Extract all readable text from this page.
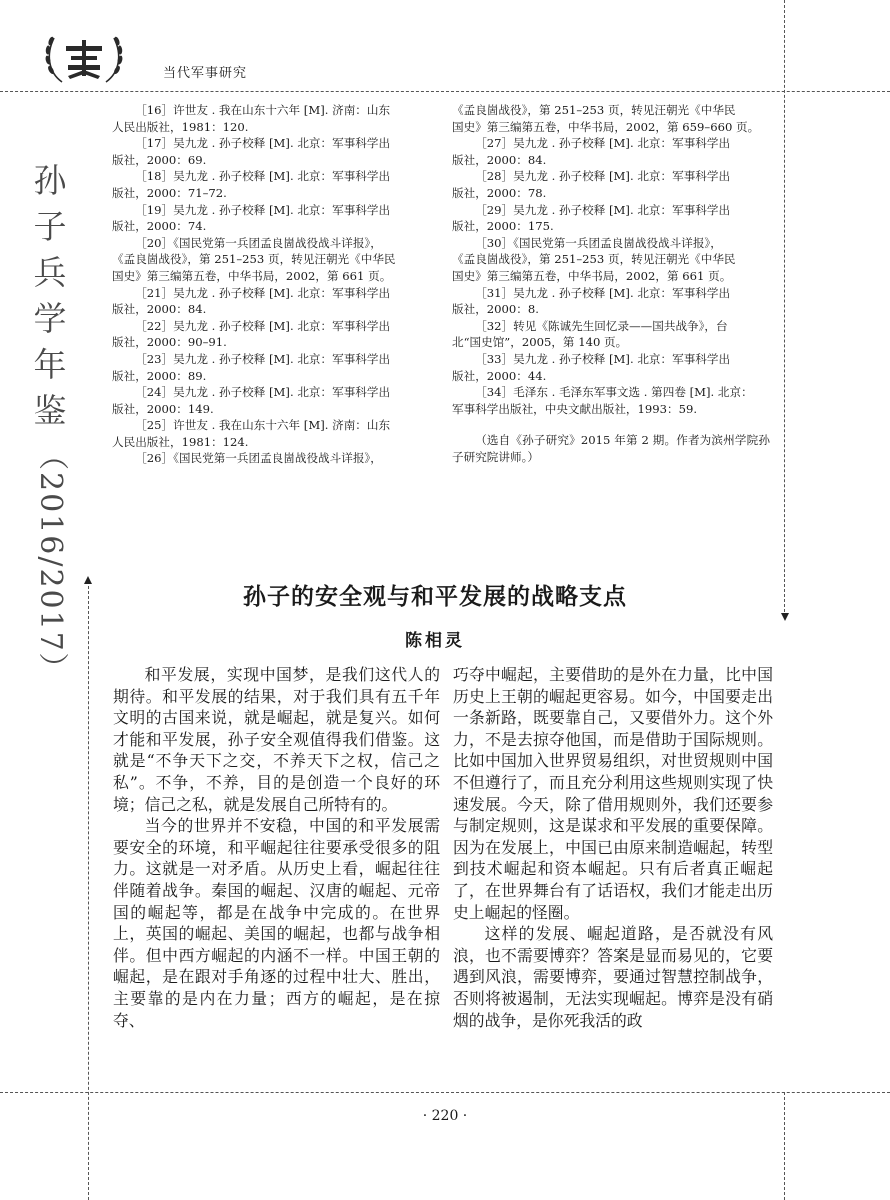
当代军事研究
孙
子
兵
学
年
鉴
（2016/2017）

［16］许世友 . 我在山东十六年 [M]. 济南：山东

人民出版社，1981：120.

［17］吴九龙 . 孙子校释 [M]. 北京：军事科学出

版社，2000：69.

［18］吴九龙 . 孙子校释 [M]. 北京：军事科学出

版社，2000：71–72.

［19］吴九龙 . 孙子校释 [M]. 北京：军事科学出

版社，2000：74.

［20］《国民党第一兵团孟良崮战役战斗详报》，

《孟良崮战役》，第 251–253 页，转见汪朝光《中华民

国史》第三编第五卷，中华书局，2002，第 661 页。

［21］吴九龙 . 孙子校释 [M]. 北京：军事科学出

版社，2000：84.

［22］吴九龙 . 孙子校释 [M]. 北京：军事科学出

版社，2000：90–91.

［23］吴九龙 . 孙子校释 [M]. 北京：军事科学出

版社，2000：89.

［24］吴九龙 . 孙子校释 [M]. 北京：军事科学出

版社，2000：149.

［25］许世友 . 我在山东十六年 [M]. 济南：山东

人民出版社，1981：124.

［26］《国民党第一兵团孟良崮战役战斗详报》，

《孟良崮战役》，第 251–253 页，转见汪朝光《中华民

国史》第三编第五卷，中华书局，2002，第 659–660 页。

［27］吴九龙 . 孙子校释 [M]. 北京：军事科学出

版社，2000：84.

［28］吴九龙 . 孙子校释 [M]. 北京：军事科学出

版社，2000：78.

［29］吴九龙 . 孙子校释 [M]. 北京：军事科学出

版社，2000：175.

［30］《国民党第一兵团孟良崮战役战斗详报》，

《孟良崮战役》，第 251–253 页，转见汪朝光《中华民

国史》第三编第五卷，中华书局，2002，第 661 页。

［31］吴九龙 . 孙子校释 [M]. 北京：军事科学出

版社，2000：8.

［32］转见《陈诚先生回忆录——国共战争》，台

北“国史馆”，2005，第 140 页。

［33］吴九龙 . 孙子校释 [M]. 北京：军事科学出

版社，2000：44.

［34］毛泽东 . 毛泽东军事文选 . 第四卷 [M]. 北京：

军事科学出版社，中央文献出版社，1993：59.

（选自《孙子研究》2015 年第 2 期。作者为滨州学院孙子研究院讲师。）

孙子的安全观与和平发展的战略支点
陈相灵

和平发展，实现中国梦，是我们这代人的期待。和平发展的结果，对于我们具有五千年文明的古国来说，就是崛起，就是复兴。如何才能和平发展，孙子安全观值得我们借鉴。这就是“不争天下之交，不养天下之权，信己之私”。不争，不养，目的是创造一个良好的环境；信己之私，就是发展自己所特有的。

当今的世界并不安稳，中国的和平发展需要安全的环境，和平崛起往往要承受很多的阻力。这就是一对矛盾。从历史上看，崛起往往伴随着战争。秦国的崛起、汉唐的崛起、元帝国的崛起等，都是在战争中完成的。在世界上，英国的崛起、美国的崛起，也都与战争相伴。但中西方崛起的内涵不一样。中国王朝的崛起，是在跟对手角逐的过程中壮大、胜出，主要靠的是内在力量；西方的崛起，是在掠夺、

巧夺中崛起，主要借助的是外在力量，比中国历史上王朝的崛起更容易。如今，中国要走出一条新路，既要靠自己，又要借外力。这个外力，不是去掠夺他国，而是借助于国际规则。比如中国加入世界贸易组织，对世贸规则中国不但遵行了，而且充分利用这些规则实现了快速发展。今天，除了借用规则外，我们还要参与制定规则，这是谋求和平发展的重要保障。因为在发展上，中国已由原来制造崛起，转型到技术崛起和资本崛起。只有后者真正崛起了，在世界舞台有了话语权，我们才能走出历史上崛起的怪圈。

这样的发展、崛起道路，是否就没有风浪，也不需要博弈？答案是显而易见的，它要遇到风浪，需要博弈，要通过智慧控制战争，否则将被遏制，无法实现崛起。博弈是没有硝烟的战争，是你死我活的政

· 220 ·
